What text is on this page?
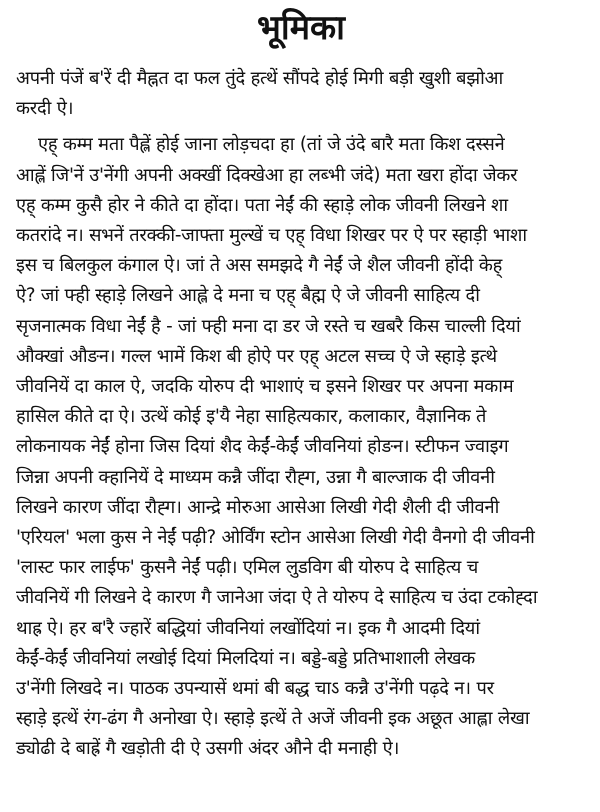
भूमिका

अपनी पंजें ब'रें दी मैह्नत दा फल तुंदे हत्थें सौंपदे होई मिगी बड़ी खुशी बझोआ
करदी ऐ।

एह् कम्म मता पैह्लें होई जाना लोड़चदा हा (तां जे उंदे बारै मता किश दस्सने
आह्लें जि'नें उ'नेंगी अपनी अक्खीं दिक्खेआ हा लब्भी जंदे) मता खरा होंदा जेकर
एह् कम्म कुसै होर ने कीते दा होंदा। पता नेईं की स्हाड़े लोक जीवनी लिखने शा
कतरांदे न। सभनें तरक्की-जाफ्ता मुल्खें च एह् विधा शिखर पर ऐ पर स्हाड़ी भाशा
इस च बिलकुल कंगाल ऐ। जां ते अस समझदे गै नेईं जे शैल जीवनी होंदी केह्
ऐ? जां फ्ही स्हाड़े लिखने आह्ले दे मना च एह् बैह्म ऐ जे जीवनी साहित्य दी
सृजनात्मक विधा नेईं है - जां फ्ही मना दा डर जे रस्ते च खबरै किस चाल्ली दियां
औक्खां औङन। गल्ल भामें किश बी होऐ पर एह् अटल सच्च ऐ जे स्हाड़े इत्थे
जीवनियें दा काल ऐ, जदकि योरुप दी भाशाएं च इसने शिखर पर अपना मकाम
हासिल कीते दा ऐ। उत्थें कोई इ'यै नेहा साहित्यकार, कलाकार, वैज्ञानिक ते
लोकनायक नेईं होना जिस दियां शैद केईं-केईं जीवनियां होङन। स्टीफन ज्वाइग
जिन्ना अपनी क्हानियें दे माध्यम कन्नै जींदा रौह्ग, उन्ना गै बाल्जाक दी जीवनी
लिखने कारण जींदा रौह्ग। आन्द्रे मोरुआ आसेआ लिखी गेदी शैली दी जीवनी
'एरियल' भला कुस ने नेईं पढ़ी? ओर्विंग स्टोन आसेआ लिखी गेदी वैनगो दी जीवनी
'लास्ट फार लाईफ' कुसनै नेईं पढ़ी। एमिल लुडविग बी योरुप दे साहित्य च
जीवनियें गी लिखने दे कारण गै जानेआ जंदा ऐ ते योरुप दे साहित्य च उंदा टकोह्दा
थाह्र ऐ। हर ब'रै ज्हारें बद्धियां जीवनियां लखोंदियां न। इक गै आदमी दियां
केईं-केईं जीवनियां लखोई दियां मिलदियां न। बड्डे-बड्डे प्रतिभाशाली लेखक
उ'नेंगी लिखदे न। पाठक उपन्यासें थमां बी बद्ध चाऽ कन्नै उ'नेंगी पढ़दे न। पर
स्हाड़े इत्थें रंग-ढंग गै अनोखा ऐ। स्हाड़े इत्थें ते अजें जीवनी इक अछूत आह्ला लेखा
ड्योढी दे बाह्रें गै खड़ोती दी ऐ उसगी अंदर औने दी मनाही ऐ।
